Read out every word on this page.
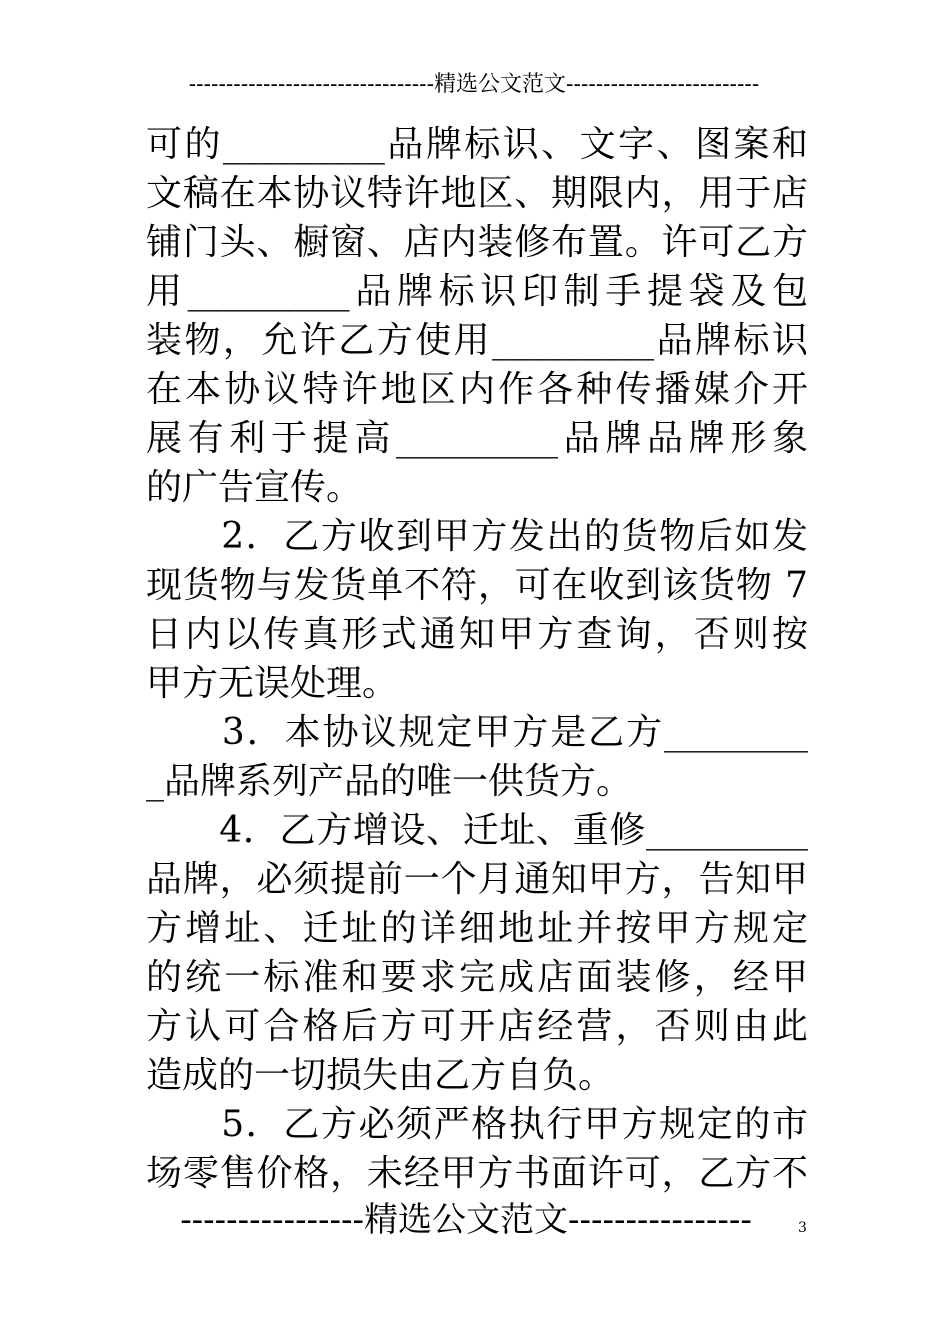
---------------------------------精选公文范文--------------------------
可的_________品牌标识、文字、图案和
文稿在本协议特许地区、期限内，用于店
铺门头、橱窗、店内装修布置。许可乙方
用_________品牌标识印制手提袋及包
装物，允许乙方使用_________品牌标识
在本协议特许地区内作各种传播媒介开
展有利于提高_________品牌品牌形象
的广告宣传。
　　2．乙方收到甲方发出的货物后如发
现货物与发货单不符，可在收到该货物 7
日内以传真形式通知甲方查询，否则按
甲方无误处理。
　　3．本协议规定甲方是乙方________
_品牌系列产品的唯一供货方。
　　4．乙方增设、迁址、重修_________
品牌，必须提前一个月通知甲方，告知甲
方增址、迁址的详细地址并按甲方规定
的统一标准和要求完成店面装修，经甲
方认可合格后方可开店经营，否则由此
造成的一切损失由乙方自负。
　　5．乙方必须严格执行甲方规定的市
场零售价格，未经甲方书面许可，乙方不
----------------精选公文范文----------------	3
